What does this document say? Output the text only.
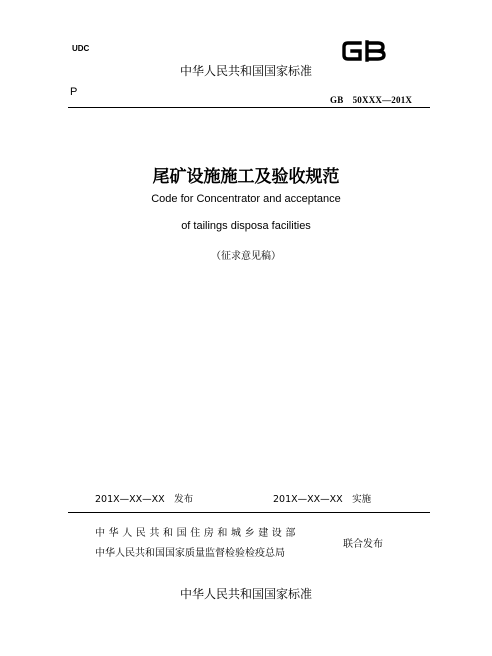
UDC
中华人民共和国国家标准
P
GB　50XXX—201X
尾矿设施施工及验收规范
Code for Concentrator and acceptance
of tailings disposa facilities
（征求意见稿）
201X—XX—XX　发布	201X—XX—XX　实施
中华人民共和国住房和城乡建设部
中华人民共和国国家质量监督检验检疫总局
联合发布
中华人民共和国国家标准
